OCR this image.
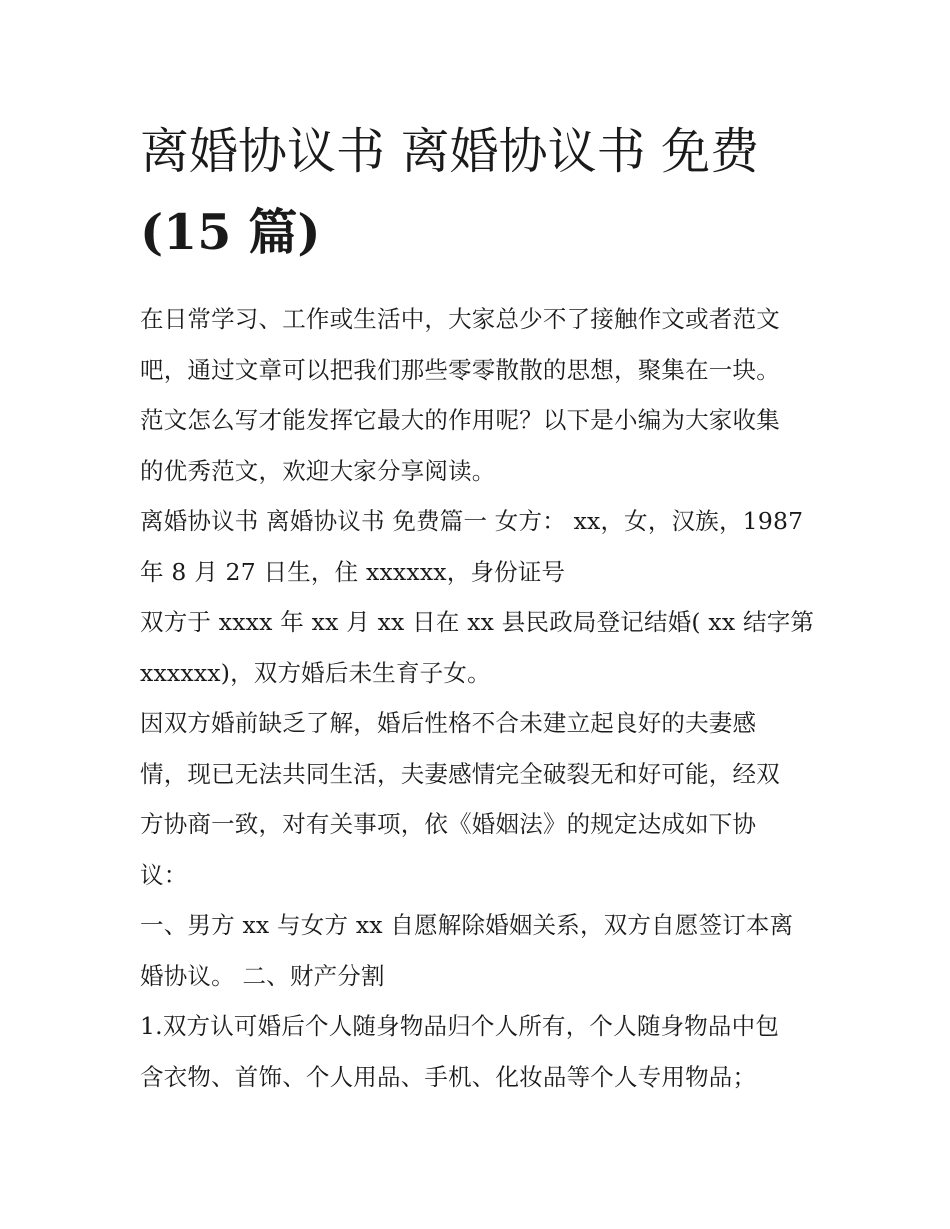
离婚协议书 离婚协议书 免费
(15 篇)
在日常学习、工作或生活中，大家总少不了接触作文或者范文
吧，通过文章可以把我们那些零零散散的思想，聚集在一块。
范文怎么写才能发挥它最大的作用呢？以下是小编为大家收集
的优秀范文，欢迎大家分享阅读。
离婚协议书 离婚协议书 免费篇一 女方： xx，女，汉族，1987
年 8 月 27 日生，住 xxxxxx，身份证号
双方于 xxxx 年 xx 月 xx 日在 xx 县民政局登记结婚( xx 结字第
xxxxxx)，双方婚后未生育子女。
因双方婚前缺乏了解，婚后性格不合未建立起良好的夫妻感
情，现已无法共同生活，夫妻感情完全破裂无和好可能，经双
方协商一致，对有关事项，依《婚姻法》的规定达成如下协
议：
一、男方 xx 与女方 xx 自愿解除婚姻关系，双方自愿签订本离
婚协议。 二、财产分割
1.双方认可婚后个人随身物品归个人所有，个人随身物品中包
含衣物、首饰、个人用品、手机、化妆品等个人专用物品；
